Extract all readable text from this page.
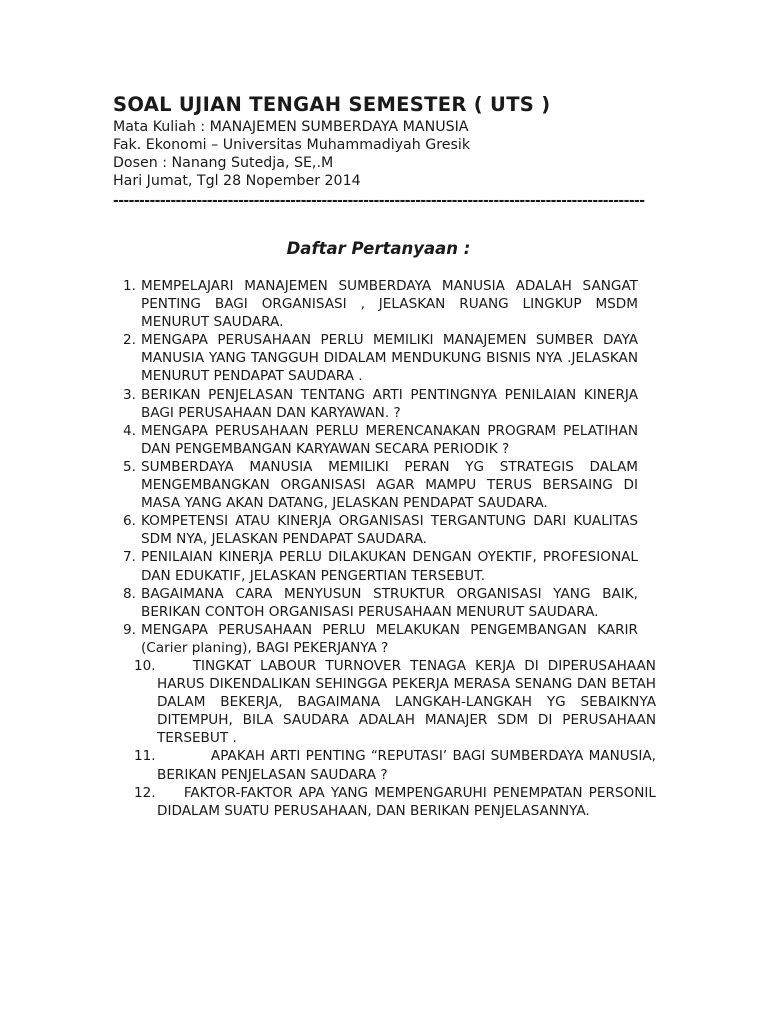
SOAL UJIAN TENGAH SEMESTER ( UTS )

Mata Kuliah : MANAJEMEN SUMBERDAYA MANUSIA

Fak. Ekonomi – Universitas Muhammadiyah Gresik

Dosen : Nanang Sutedja, SE,.M

Hari Jumat, Tgl 28 Nopember 2014

------------------------------------------------------------------------------------------------------
Daftar Pertanyaan :
1. MEMPELAJARI MANAJEMEN SUMBERDAYA MANUSIA ADALAH SANGAT PENTING BAGI ORGANISASI , JELASKAN RUANG LINGKUP MSDM MENURUT SAUDARA.
2. MENGAPA PERUSAHAAN PERLU MEMILIKI MANAJEMEN SUMBER DAYA MANUSIA YANG TANGGUH DIDALAM MENDUKUNG BISNIS NYA .JELASKAN MENURUT PENDAPAT SAUDARA .
3. BERIKAN PENJELASAN TENTANG ARTI PENTINGNYA PENILAIAN KINERJA BAGI PERUSAHAAN DAN KARYAWAN. ?
4. MENGAPA PERUSAHAAN PERLU MERENCANAKAN PROGRAM PELATIHAN DAN PENGEMBANGAN KARYAWAN SECARA PERIODIK ?
5. SUMBERDAYA MANUSIA MEMILIKI PERAN YG STRATEGIS DALAM MENGEMBANGKAN ORGANISASI AGAR MAMPU TERUS BERSAING DI MASA YANG AKAN DATANG, JELASKAN PENDAPAT SAUDARA.
6. KOMPETENSI ATAU KINERJA ORGANISASI TERGANTUNG DARI KUALITAS SDM NYA, JELASKAN PENDAPAT SAUDARA.
7. PENILAIAN KINERJA PERLU DILAKUKAN DENGAN OYEKTIF, PROFESIONAL DAN EDUKATIF, JELASKAN PENGERTIAN TERSEBUT.
8. BAGAIMANA CARA MENYUSUN STRUKTUR ORGANISASI YANG BAIK, BERIKAN CONTOH ORGANISASI PERUSAHAAN MENURUT SAUDARA.
9. MENGAPA PERUSAHAAN PERLU MELAKUKAN PENGEMBANGAN KARIR (Carier planing), BAGI PEKERJANYA ?
10.	TINGKAT LABOUR TURNOVER TENAGA KERJA DI DIPERUSAHAAN HARUS DIKENDALIKAN SEHINGGA PEKERJA MERASA SENANG DAN BETAH DALAM BEKERJA, BAGAIMANA LANGKAH-LANGKAH YG SEBAIKNYA DITEMPUH, BILA SAUDARA ADALAH MANAJER SDM DI PERUSAHAAN TERSEBUT .
11.	APAKAH ARTI PENTING “REPUTASI’ BAGI SUMBERDAYA MANUSIA, BERIKAN PENJELASAN SAUDARA ?
12. FAKTOR-FAKTOR APA YANG MEMPENGARUHI PENEMPATAN PERSONIL DIDALAM SUATU PERUSAHAAN, DAN BERIKAN PENJELASANNYA.
